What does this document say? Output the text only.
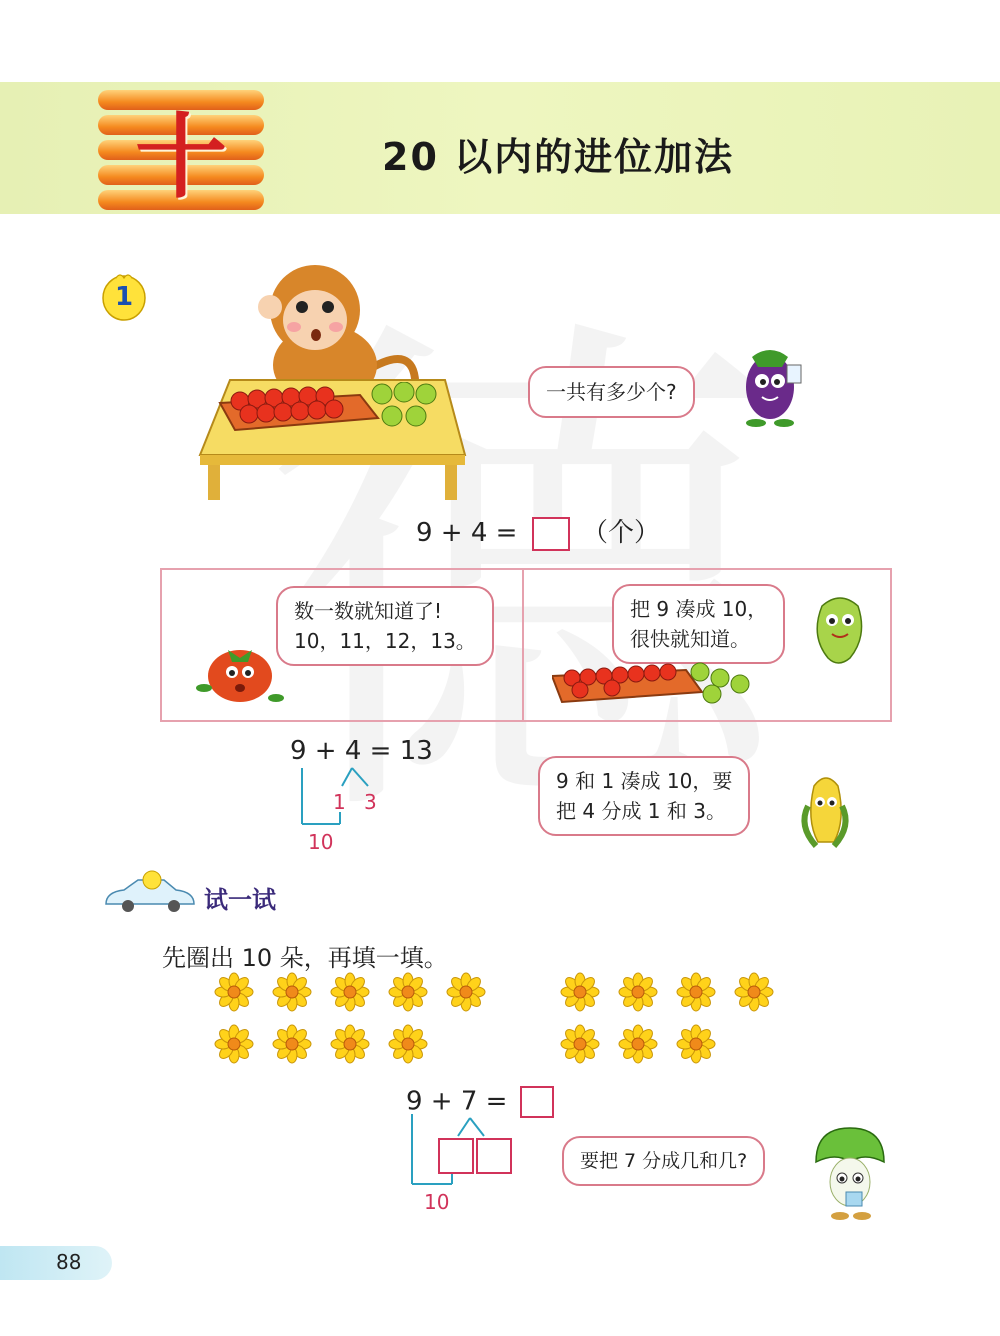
十	20 以内的进位加法
1
一共有多少个?
9 + 4 = （个）
数一数就知道了!
10，11，12，13。
把 9 凑成 10，
很快就知道。
9 + 4 = 13
1 3
10
9 和 1 凑成 10，要
把 4 分成 1 和 3。
试一试
先圈出 10 朵，再填一填。
9 + 7 =
10
要把 7 分成几和几?
88
